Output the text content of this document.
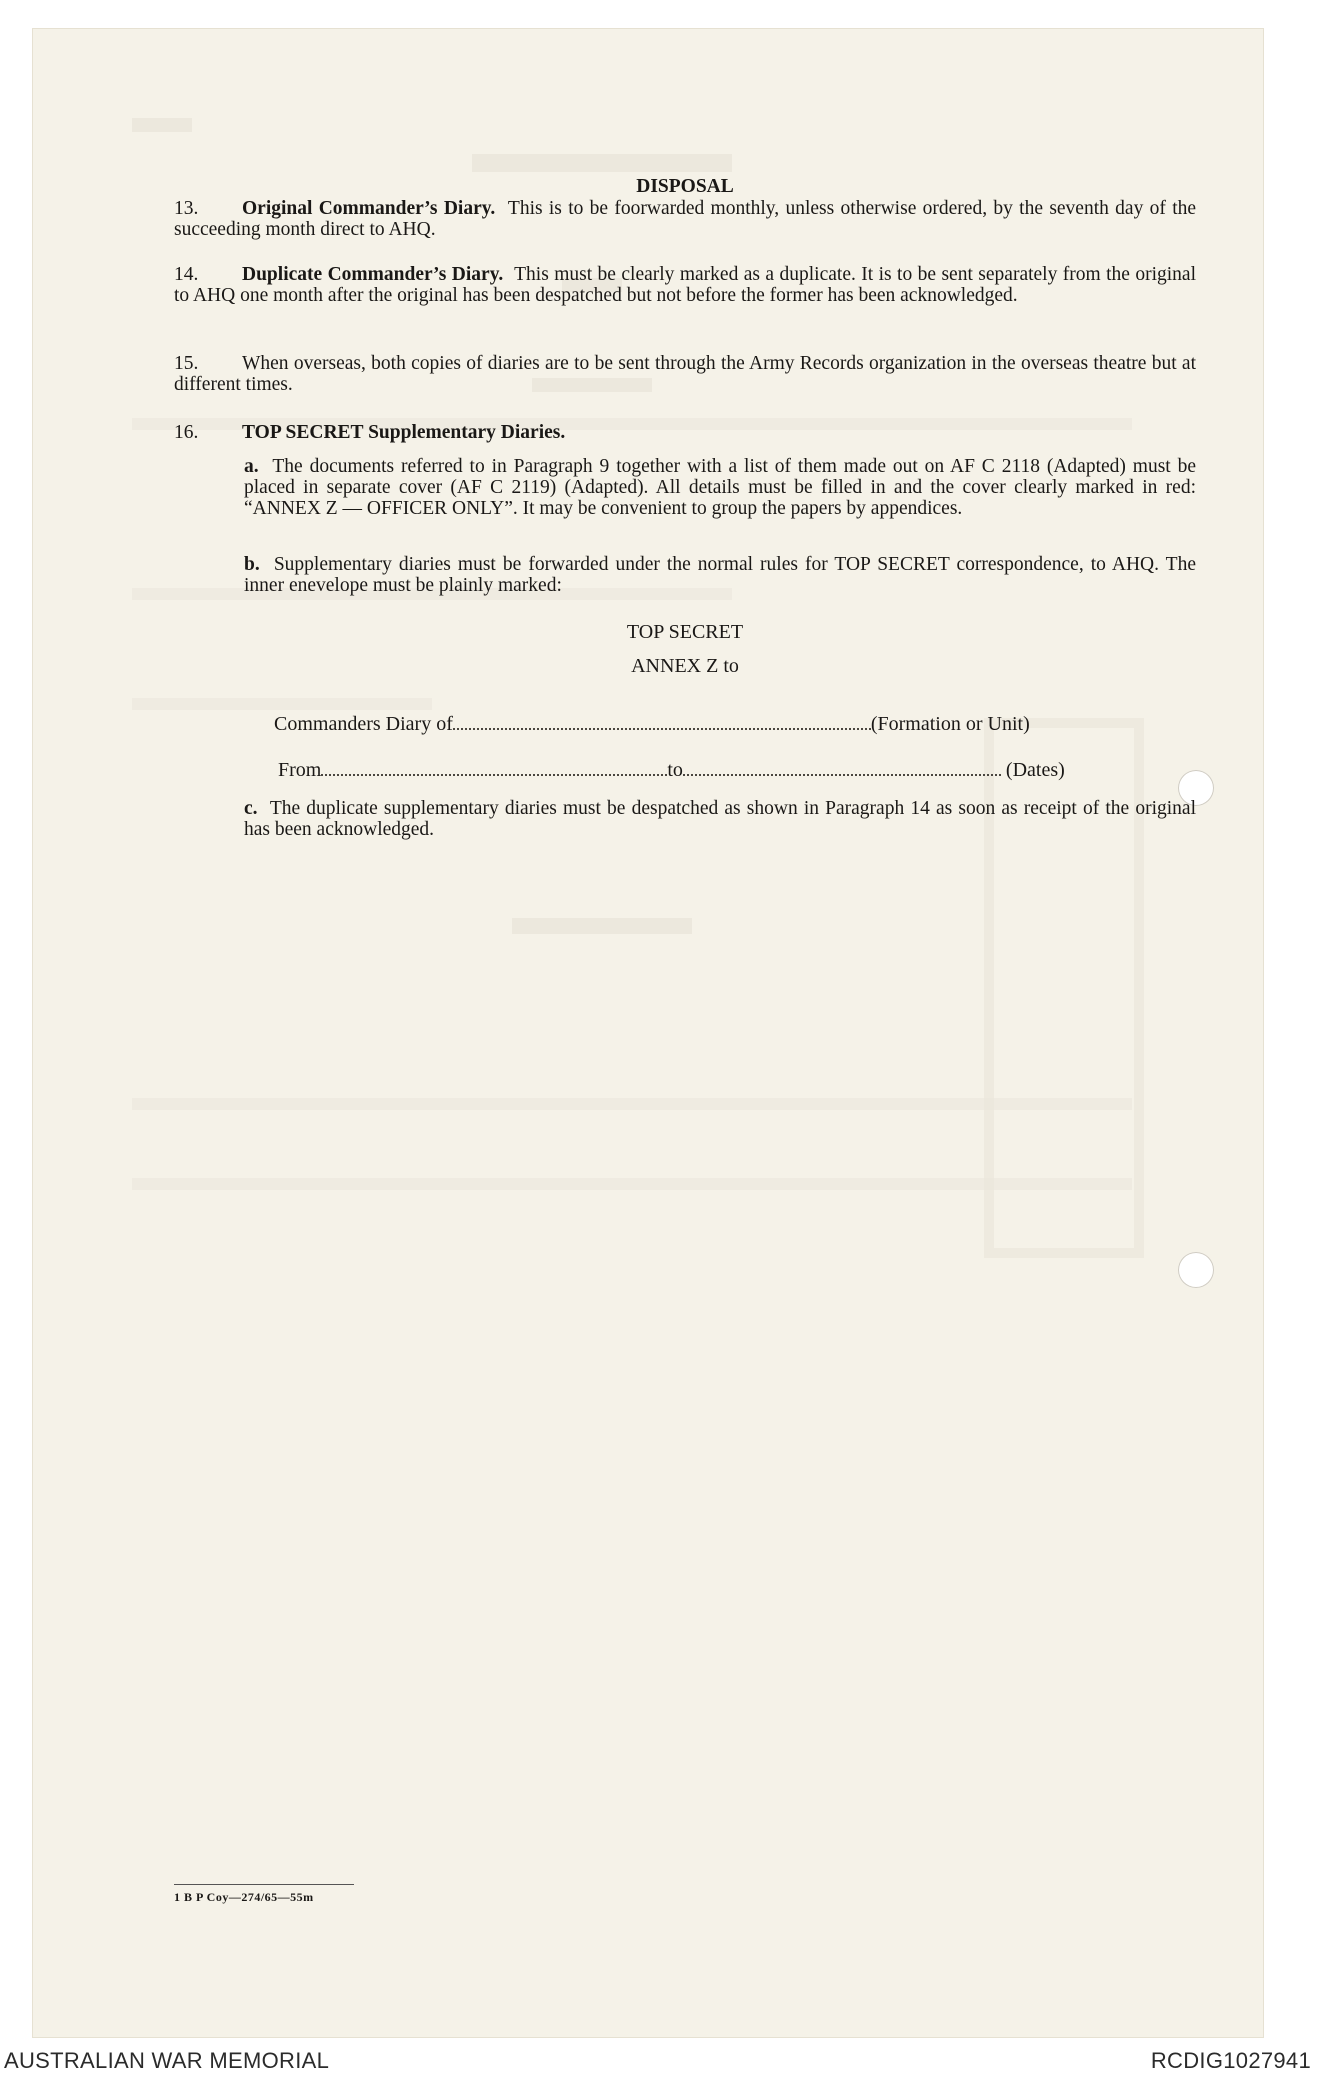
DISPOSAL
13. Original Commander’s Diary. This is to be foorwarded monthly, unless otherwise ordered, by the seventh day of the succeeding month direct to AHQ.
14. Duplicate Commander’s Diary. This must be clearly marked as a duplicate. It is to be sent separately from the original to AHQ one month after the original has been despatched but not before the former has been acknowledged.
15. When overseas, both copies of diaries are to be sent through the Army Records organization in the overseas theatre but at different times.
16. TOP SECRET Supplementary Diaries.
a. The documents referred to in Paragraph 9 together with a list of them made out on AF C 2118 (Adapted) must be placed in separate cover (AF C 2119) (Adapted). All details must be filled in and the cover clearly marked in red: “ANNEX Z — OFFICER ONLY”. It may be convenient to group the papers by appendices.
b. Supplementary diaries must be forwarded under the normal rules for TOP SECRET correspondence, to AHQ. The inner enevelope must be plainly marked:
TOP SECRET
ANNEX Z to
Commanders Diary of	(Formation or Unit)
From	to	(Dates)
c. The duplicate supplementary diaries must be despatched as shown in Paragraph 14 as soon as receipt of the original has been acknowledged.
1 B P Coy—274/65—55m
AUSTRALIAN WAR MEMORIAL	RCDIG1027941
